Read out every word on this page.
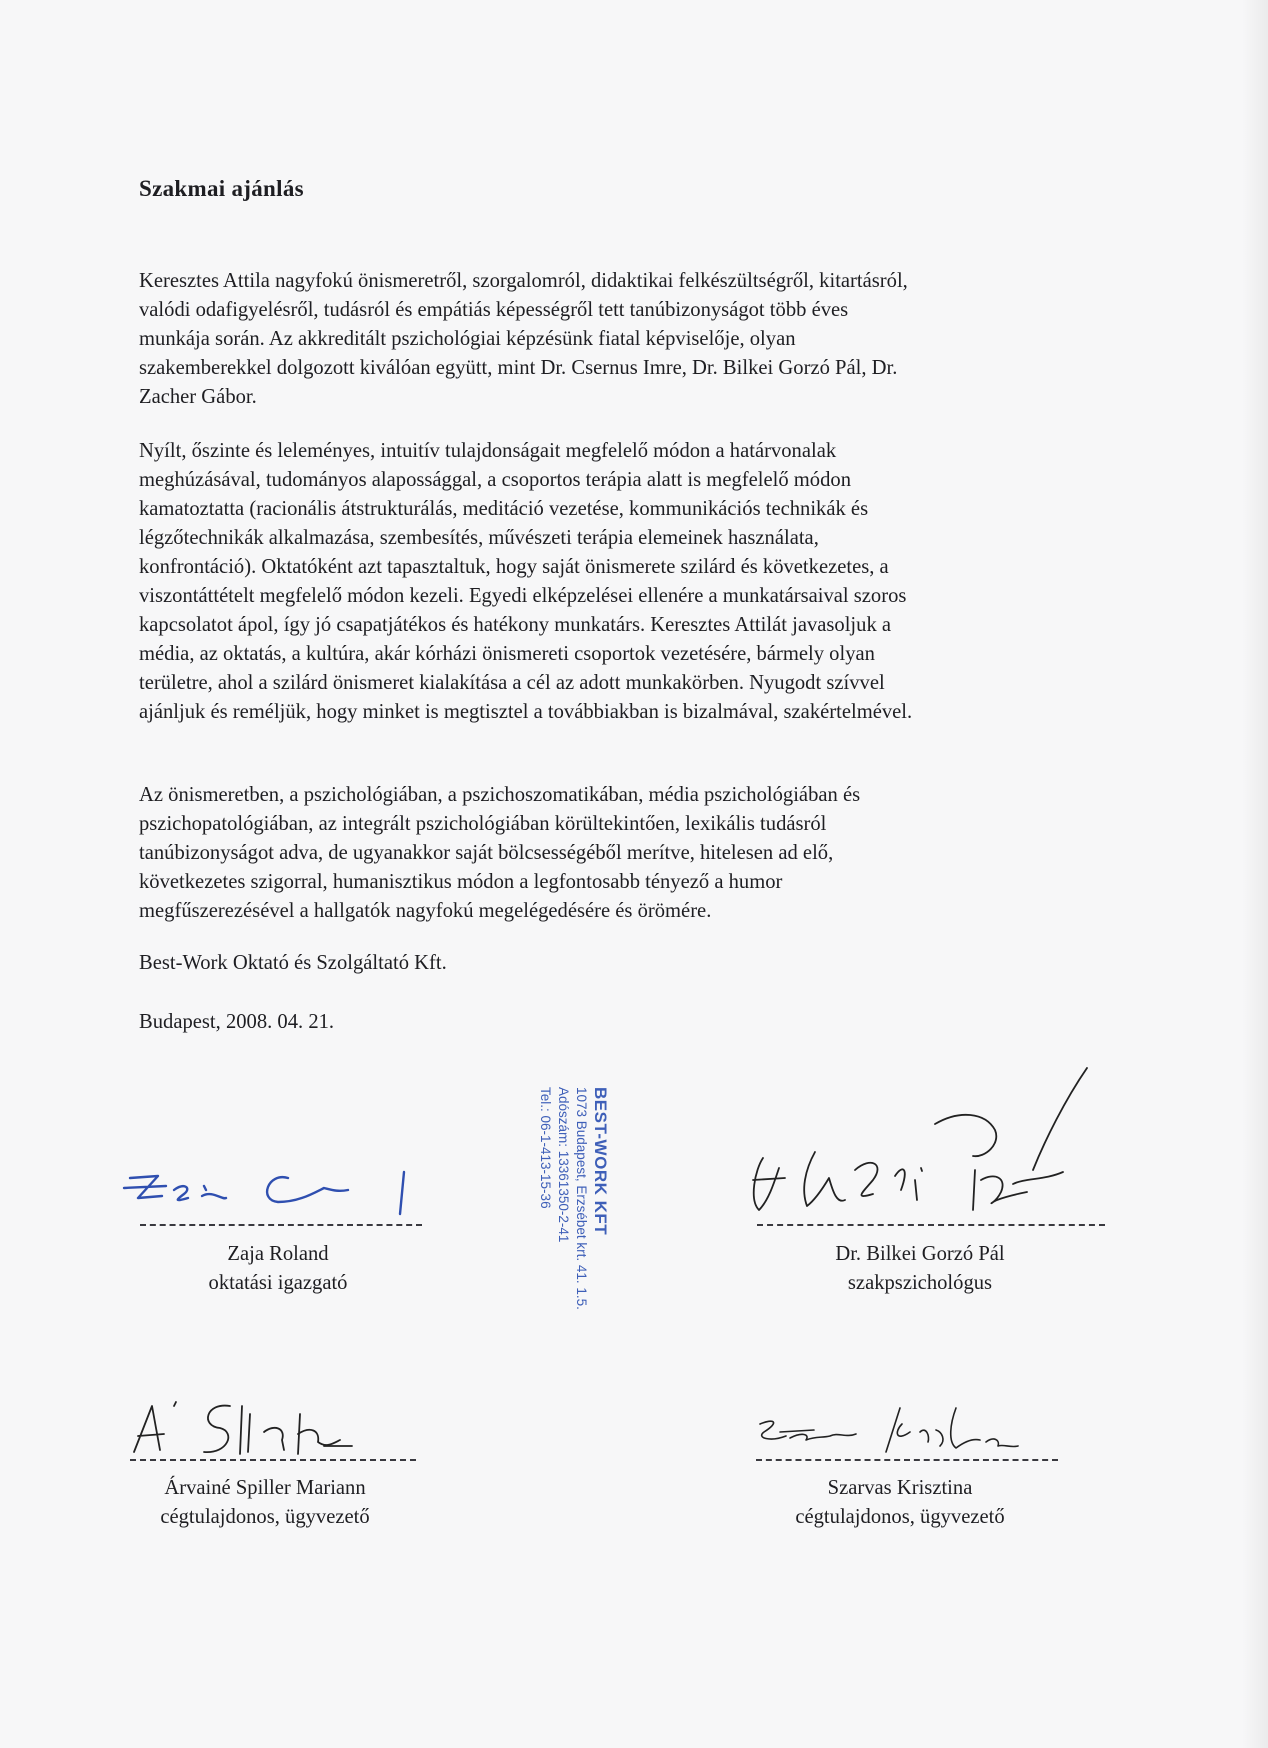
Szakmai ajánlás
Keresztes Attila nagyfokú önismeretről, szorgalomról, didaktikai felkészültségről, kitartásról,
valódi odafigyelésről, tudásról és empátiás képességről tett tanúbizonyságot több éves
munkája során. Az akkreditált pszichológiai képzésünk fiatal képviselője, olyan
szakemberekkel dolgozott kiválóan együtt, mint Dr. Csernus Imre, Dr. Bilkei Gorzó Pál, Dr.
Zacher Gábor.
Nyílt, őszinte és leleményes, intuitív tulajdonságait megfelelő módon a határvonalak
meghúzásával, tudományos alapossággal, a csoportos terápia alatt is megfelelő módon
kamatoztatta (racionális átstrukturálás, meditáció vezetése, kommunikációs technikák és
légzőtechnikák alkalmazása, szembesítés, művészeti terápia elemeinek használata,
konfrontáció). Oktatóként azt tapasztaltuk, hogy saját önismerete szilárd és következetes, a
viszontáttételt megfelelő módon kezeli. Egyedi elképzelései ellenére a munkatársaival szoros
kapcsolatot ápol, így jó csapatjátékos és hatékony munkatárs. Keresztes Attilát javasoljuk a
média, az oktatás, a kultúra, akár kórházi önismereti csoportok vezetésére, bármely olyan
területre, ahol a szilárd önismeret kialakítása a cél az adott munkakörben. Nyugodt szívvel
ajánljuk és reméljük, hogy minket is megtisztel a továbbiakban is bizalmával, szakértelmével.
Az önismeretben, a pszichológiában, a pszichoszomatikában, média pszichológiában és
pszichopatológiában, az integrált pszichológiában körültekintően, lexikális tudásról
tanúbizonyságot adva, de ugyanakkor saját bölcsességéből merítve, hitelesen ad elő,
következetes szigorral, humanisztikus módon a legfontosabb tényező a humor
megfűszerezésével a hallgatók nagyfokú megelégedésére és örömére.

Best-Work Oktató és Szolgáltató Kft.

Budapest, 2008. 04. 21.

BEST-WORK KFT
1073 Budapest, Erzsébet krt. 41. 1.5.
Adószám: 13361350-2-41
Tel.: 06-1-413-15-36
Zaja Roland
oktatási igazgató
Dr. Bilkei Gorzó Pál
szakpszichológus
Árvainé Spiller Mariann
cégtulajdonos, ügyvezető
Szarvas Krisztina
cégtulajdonos, ügyvezető
